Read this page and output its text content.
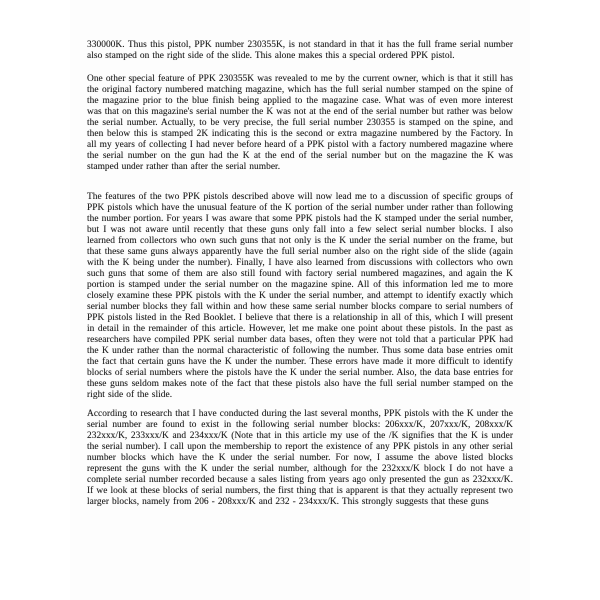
330000K. Thus this pistol, PPK number 230355K, is not standard in that it has the full frame serial number also stamped on the right side of the slide. This alone makes this a special ordered PPK pistol.

One other special feature of PPK 230355K was revealed to me by the current owner, which is that it still has the original factory numbered matching magazine, which has the full serial number stamped on the spine of the magazine prior to the blue finish being applied to the magazine case. What was of even more interest was that on this magazine's serial number the K was not at the end of the serial number but rather was below the serial number. Actually, to be very precise, the full serial number 230355 is stamped on the spine, and then below this is stamped 2K indicating this is the second or extra magazine numbered by the Factory. In all my years of collecting I had never before heard of a PPK pistol with a factory numbered magazine where the serial number on the gun had the K at the end of the serial number but on the magazine the K was stamped under rather than after the serial number.

The features of the two PPK pistols described above will now lead me to a discussion of specific groups of PPK pistols which have the unusual feature of the K portion of the serial number under rather than following the number portion. For years I was aware that some PPK pistols had the K stamped under the serial number, but I was not aware until recently that these guns only fall into a few select serial number blocks. I also learned from collectors who own such guns that not only is the K under the serial number on the frame, but that these same guns always apparently have the full serial number also on the right side of the slide (again with the K being under the number). Finally, I have also learned from discussions with collectors who own such guns that some of them are also still found with factory serial numbered magazines, and again the K portion is stamped under the serial number on the magazine spine. All of this information led me to more closely examine these PPK pistols with the K under the serial number, and attempt to identify exactly which serial number blocks they fall within and how these same serial number blocks compare to serial numbers of PPK pistols listed in the Red Booklet. I believe that there is a relationship in all of this, which I will present in detail in the remainder of this article. However, let me make one point about these pistols. In the past as researchers have compiled PPK serial number data bases, often they were not told that a particular PPK had the K under rather than the normal characteristic of following the number. Thus some data base entries omit the fact that certain guns have the K under the number. These errors have made it more difficult to identify blocks of serial numbers where the pistols have the K under the serial number. Also, the data base entries for these guns seldom makes note of the fact that these pistols also have the full serial number stamped on the right side of the slide.

According to research that I have conducted during the last several months, PPK pistols with the K under the serial number are found to exist in the following serial number blocks: 206xxx/K, 207xxx/K, 208xxx/K 232xxx/K, 233xxx/K and 234xxx/K (Note that in this article my use of the /K signifies that the K is under the serial number). I call upon the membership to report the existence of any PPK pistols in any other serial number blocks which have the K under the serial number. For now, I assume the above listed blocks represent the guns with the K under the serial number, although for the 232xxx/K block I do not have a complete serial number recorded because a sales listing from years ago only presented the gun as 232xxx/K. If we look at these blocks of serial numbers, the first thing that is apparent is that they actually represent two larger blocks, namely from 206 - 208xxx/K and 232 - 234xxx/K. This strongly suggests that these guns
